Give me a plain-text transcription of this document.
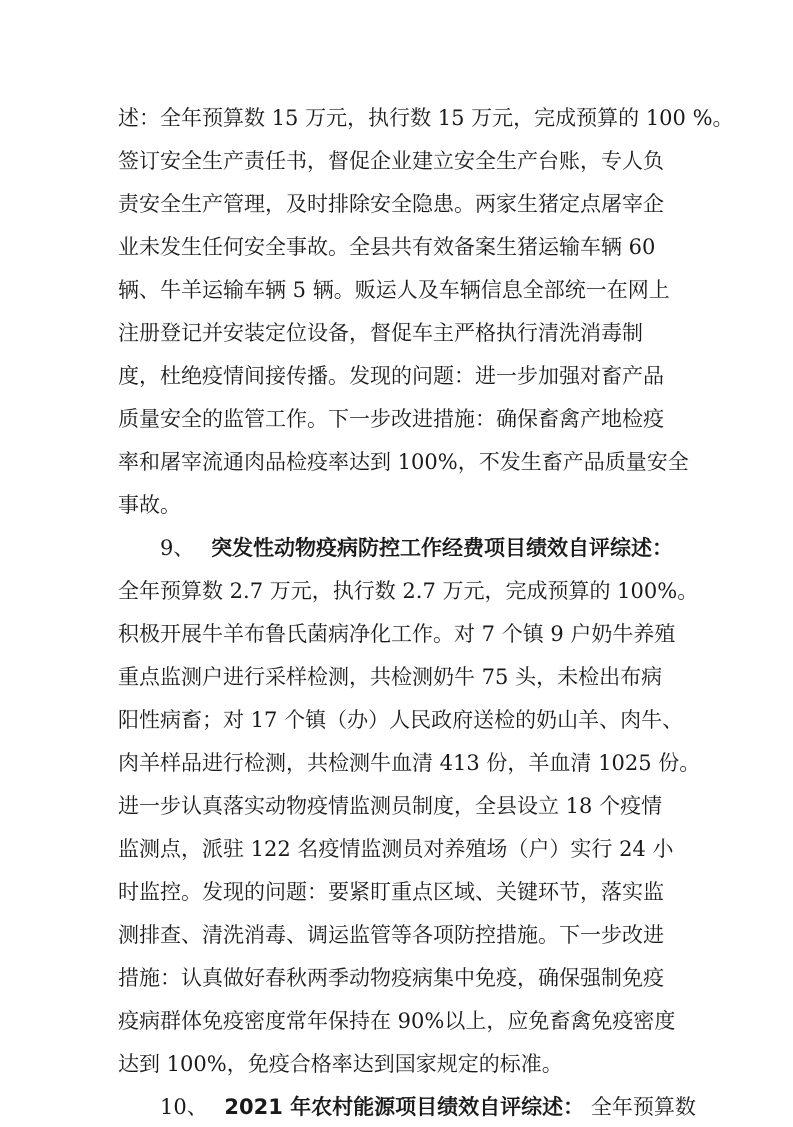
述：全年预算数 15 万元，执行数 15 万元，完成预算的 100 %。
签订安全生产责任书，督促企业建立安全生产台账，专人负
责安全生产管理，及时排除安全隐患。两家生猪定点屠宰企
业未发生任何安全事故。全县共有效备案生猪运输车辆 60
辆、牛羊运输车辆 5 辆。贩运人及车辆信息全部统一在网上
注册登记并安装定位设备，督促车主严格执行清洗消毒制
度，杜绝疫情间接传播。发现的问题：进一步加强对畜产品
质量安全的监管工作。下一步改进措施：确保畜禽产地检疫
率和屠宰流通肉品检疫率达到 100%，不发生畜产品质量安全
事故。
9、 突发性动物疫病防控工作经费项目绩效自评综述：
全年预算数 2.7 万元，执行数 2.7 万元，完成预算的 100%。
积极开展牛羊布鲁氏菌病净化工作。对 7 个镇 9 户奶牛养殖
重点监测户进行采样检测，共检测奶牛 75 头，未检出布病
阳性病畜；对 17 个镇（办）人民政府送检的奶山羊、肉牛、
肉羊样品进行检测，共检测牛血清 413 份，羊血清 1025 份。
进一步认真落实动物疫情监测员制度，全县设立 18 个疫情
监测点，派驻 122 名疫情监测员对养殖场（户）实行 24 小
时监控。发现的问题：要紧盯重点区域、关键环节，落实监
测排查、清洗消毒、调运监管等各项防控措施。下一步改进
措施：认真做好春秋两季动物疫病集中免疫，确保强制免疫
疫病群体免疫密度常年保持在 90%以上，应免畜禽免疫密度
达到 100%，免疫合格率达到国家规定的标准。
10、 2021 年农村能源项目绩效自评综述： 全年预算数
